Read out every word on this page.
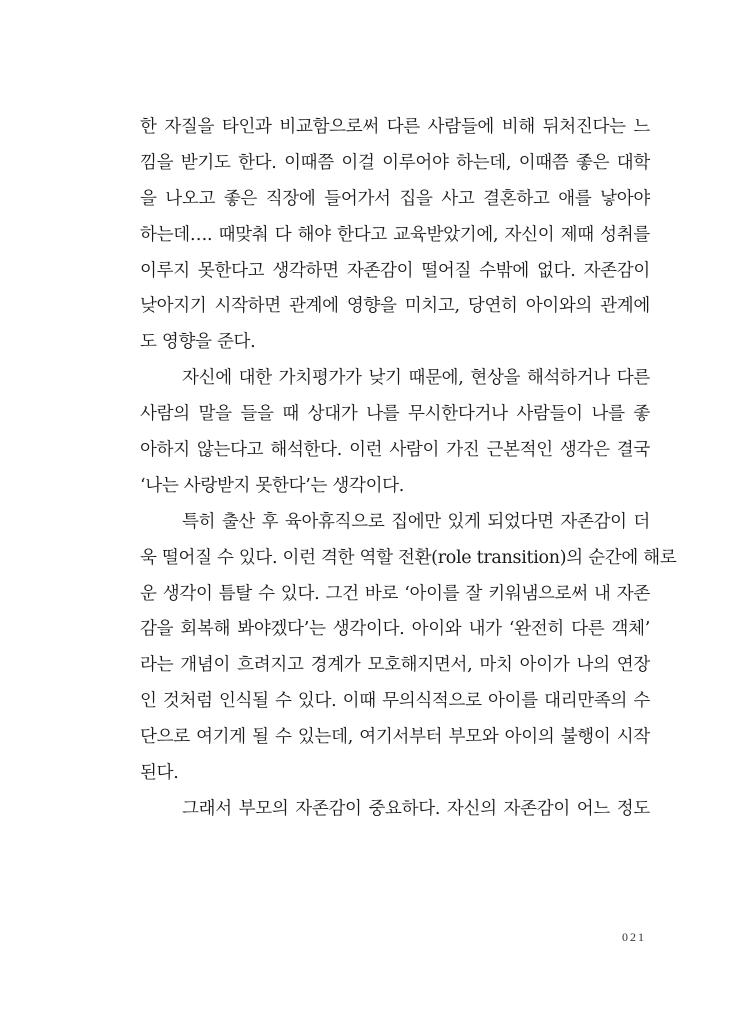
한 자질을 타인과 비교함으로써 다른 사람들에 비해 뒤처진다는 느
낌을 받기도 한다. 이때쯤 이걸 이루어야 하는데, 이때쯤 좋은 대학
을 나오고 좋은 직장에 들어가서 집을 사고 결혼하고 애를 낳아야
하는데…. 때맞춰 다 해야 한다고 교육받았기에, 자신이 제때 성취를
이루지 못한다고 생각하면 자존감이 떨어질 수밖에 없다. 자존감이
낮아지기 시작하면 관계에 영향을 미치고, 당연히 아이와의 관계에
도 영향을 준다.
자신에 대한 가치평가가 낮기 때문에, 현상을 해석하거나 다른
사람의 말을 들을 때 상대가 나를 무시한다거나 사람들이 나를 좋
아하지 않는다고 해석한다. 이런 사람이 가진 근본적인 생각은 결국
‘나는 사랑받지 못한다’는 생각이다.
특히 출산 후 육아휴직으로 집에만 있게 되었다면 자존감이 더
욱 떨어질 수 있다. 이런 격한 역할 전환(role transition)의 순간에 해로
운 생각이 틈탈 수 있다. 그건 바로 ‘아이를 잘 키워냄으로써 내 자존
감을 회복해 봐야겠다’는 생각이다. 아이와 내가 ‘완전히 다른 객체’
라는 개념이 흐려지고 경계가 모호해지면서, 마치 아이가 나의 연장
인 것처럼 인식될 수 있다. 이때 무의식적으로 아이를 대리만족의 수
단으로 여기게 될 수 있는데, 여기서부터 부모와 아이의 불행이 시작
된다.
그래서 부모의 자존감이 중요하다. 자신의 자존감이 어느 정도
021
